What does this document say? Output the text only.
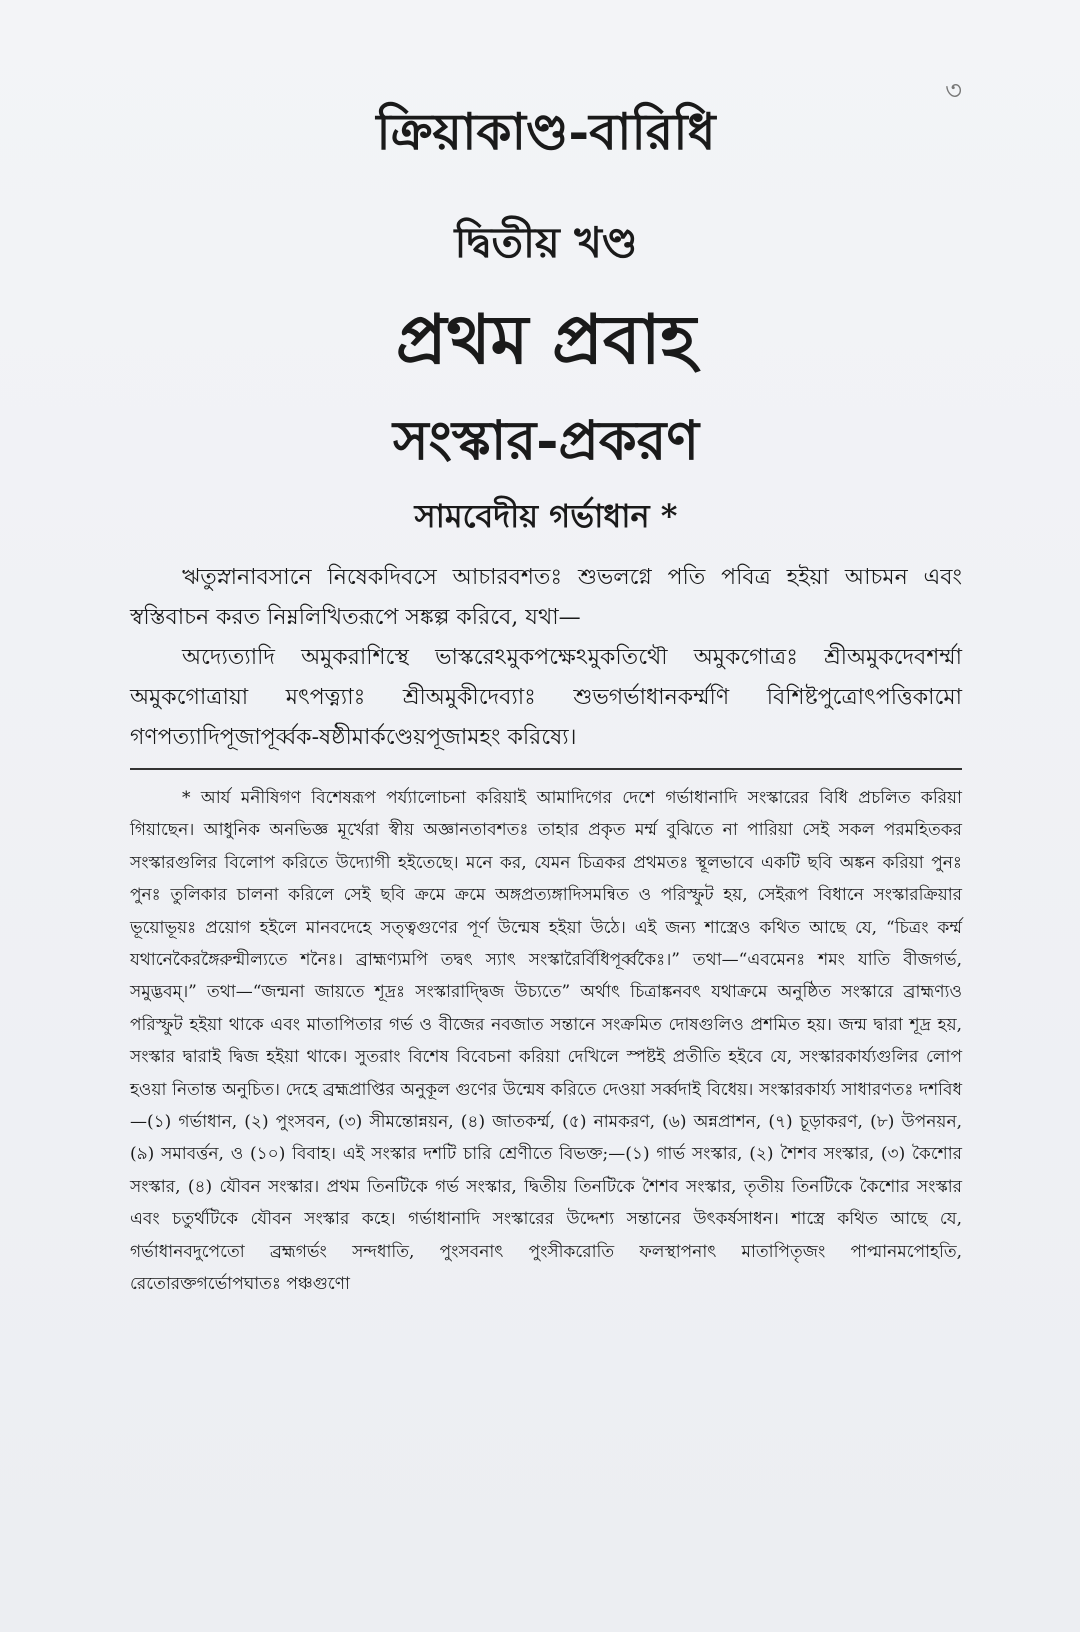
৩
ক্রিয়াকাণ্ড-বারিধি
দ্বিতীয় খণ্ড
প্রথম প্রবাহ
সংস্কার-প্রকরণ
সামবেদীয় গর্ভাধান *

ঋতুস্নানাবসানে নিষেকদিবসে আচারবশতঃ শুভলগ্নে পতি পবিত্র হইয়া আচমন এবং স্বস্তিবাচন করত নিম্নলিখিতরূপে সঙ্কল্প করিবে, যথা—

অদ্যেত্যাদি অমুকরাশিস্থে ভাস্করেঽমুকপক্ষেঽমুকতিথৌ অমুকগোত্রঃ শ্রীঅমুকদেবশর্ম্মা অমুকগোত্রায়া মৎপত্ন্যাঃ শ্রীঅমুকীদেব্যাঃ শুভগর্ভাধানকর্ম্মণি বিশিষ্টপুত্রোৎপত্তিকামো গণপত্যাদিপূজাপূর্ব্বক-ষষ্ঠীমার্কণ্ডেয়পূজামহং করিষ্যে।

* আর্য মনীষিগণ বিশেষরূপ পর্য্যালোচনা করিয়াই আমাদিগের দেশে গর্ভাধানাদি সংস্কারের বিধি প্রচলিত করিয়া গিয়াছেন। আধুনিক অনভিজ্ঞ মূর্খেরা স্বীয় অজ্ঞানতাবশতঃ তাহার প্রকৃত মর্ম্ম বুঝিতে না পারিয়া সেই সকল পরমহিতকর সংস্কারগুলির বিলোপ করিতে উদ্যোগী হইতেছে। মনে কর, যেমন চিত্রকর প্রথমতঃ স্থূলভাবে একটি ছবি অঙ্কন করিয়া পুনঃ পুনঃ তুলিকার চালনা করিলে সেই ছবি ক্রমে ক্রমে অঙ্গপ্রত্যঙ্গাদিসমন্বিত ও পরিস্ফুট হয়, সেইরূপ বিধানে সংস্কারক্রিয়ার ভূয়োভূয়ঃ প্রয়োগ হইলে মানবদেহে সত্ত্বগুণের পূর্ণ উন্মেষ হইয়া উঠে। এই জন্য শাস্ত্রেও কথিত আছে যে, “চিত্রং কর্ম্ম যথানেকৈরঙ্গৈরুন্মীল্যতে শনৈঃ। ব্রাহ্মণ্যমপি তদ্বৎ স্যাৎ সংস্কারৈর্বিধিপূর্ব্বকৈঃ।” তথা—“এবমেনঃ শমং যাতি বীজগর্ভ, সমুদ্ভবম্।” তথা—“জন্মনা জায়তে শূদ্রঃ সংস্কারাদ্দ্বিজ উচ্যতে” অর্থাৎ চিত্রাঙ্কনবৎ যথাক্রমে অনুষ্ঠিত সংস্কারে ব্রাহ্মণ্যও পরিস্ফুট হইয়া থাকে এবং মাতাপিতার গর্ভ ও বীজের নবজাত সন্তানে সংক্রমিত দোষগুলিও প্রশমিত হয়। জন্ম দ্বারা শূদ্র হয়, সংস্কার দ্বারাই দ্বিজ হইয়া থাকে। সুতরাং বিশেষ বিবেচনা করিয়া দেখিলে স্পষ্টই প্রতীতি হইবে যে, সংস্কারকার্য্যগুলির লোপ হওয়া নিতান্ত অনুচিত। দেহে ব্রহ্মপ্রাপ্তির অনুকূল গুণের উন্মেষ করিতে দেওয়া সর্ব্বদাই বিধেয়। সংস্কারকার্য্য সাধারণতঃ দশবিধ—(১) গর্ভাধান, (২) পুংসবন, (৩) সীমন্তোন্নয়ন, (৪) জাতকর্ম্ম, (৫) নামকরণ, (৬) অন্নপ্রাশন, (৭) চূড়াকরণ, (৮) উপনয়ন, (৯) সমাবর্ত্তন, ও (১০) বিবাহ। এই সংস্কার দশটি চারি শ্রেণীতে বিভক্ত;—(১) গার্ভ সংস্কার, (২) শৈশব সংস্কার, (৩) কৈশোর সংস্কার, (৪) যৌবন সংস্কার। প্রথম তিনটিকে গর্ভ সংস্কার, দ্বিতীয় তিনটিকে শৈশব সংস্কার, তৃতীয় তিনটিকে কৈশোর সংস্কার এবং চতুর্থটিকে যৌবন সংস্কার কহে। গর্ভাধানাদি সংস্কারের উদ্দেশ্য সন্তানের উৎকর্ষসাধন। শাস্ত্রে কথিত আছে যে, গর্ভাধানবদুপেতো ব্রহ্মগর্ভং সন্দধাতি, পুংসবনাৎ পুংসীকরোতি ফলস্থাপনাৎ মাতাপিতৃজং পাপ্মানমপোহতি, রেতোরক্তগর্ভোপঘাতঃ পঞ্চগুণো
